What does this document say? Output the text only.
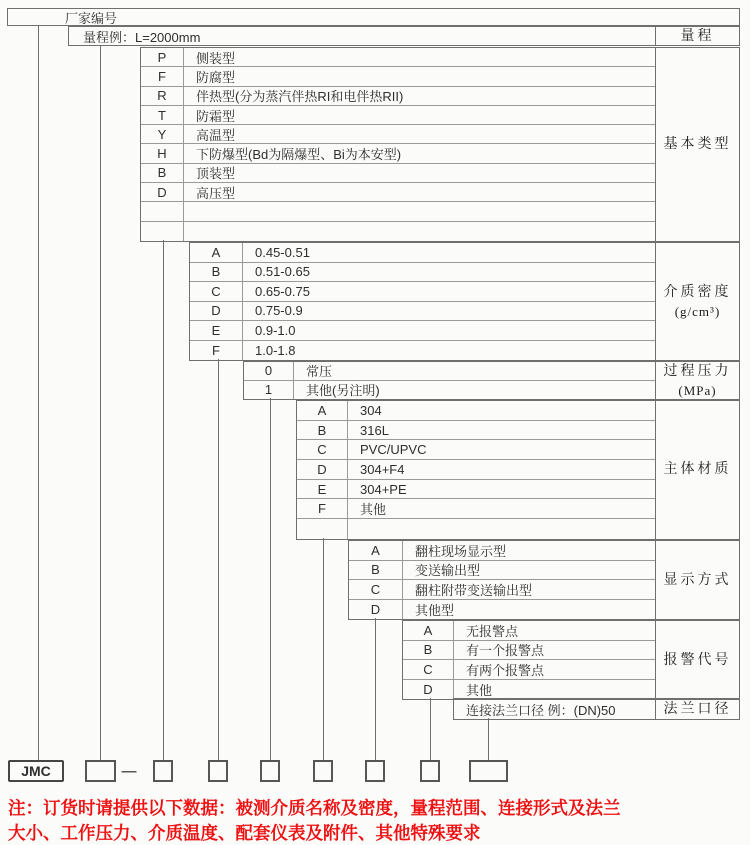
厂家编号
量程例：L=2000mm	量程
JMC	—
注：订货时请提供以下数据：被测介质名称及密度，量程范围、连接形式及法兰
大小、工作压力、介质温度、配套仪表及附件、其他特殊要求
P	侧装型
F	防腐型
R	伴热型(分为蒸汽伴热RI和电伴热RII)
T	防霜型
Y	高温型
H	下防爆型(Bd为隔爆型、Bi为本安型)
B	顶装型
D	高压型
基本类型
A	0.45-0.51
B	0.51-0.65
C	0.65-0.75
D	0.75-0.9
E	0.9-1.0
F	1.0-1.8
介质密度
(g/cm³)
0	常压
1	其他(另注明)
过程压力
(MPa)
A	304
B	316L
C	PVC/UPVC
D	304+F4
E	304+PE
F	其他
主体材质
A	翻柱现场显示型
B	变送输出型
C	翻柱附带变送输出型
D	其他型
显示方式
A	无报警点
B	有一个报警点
C	有两个报警点
D	其他
报警代号
连接法兰口径 例：(DN)50	法兰口径
